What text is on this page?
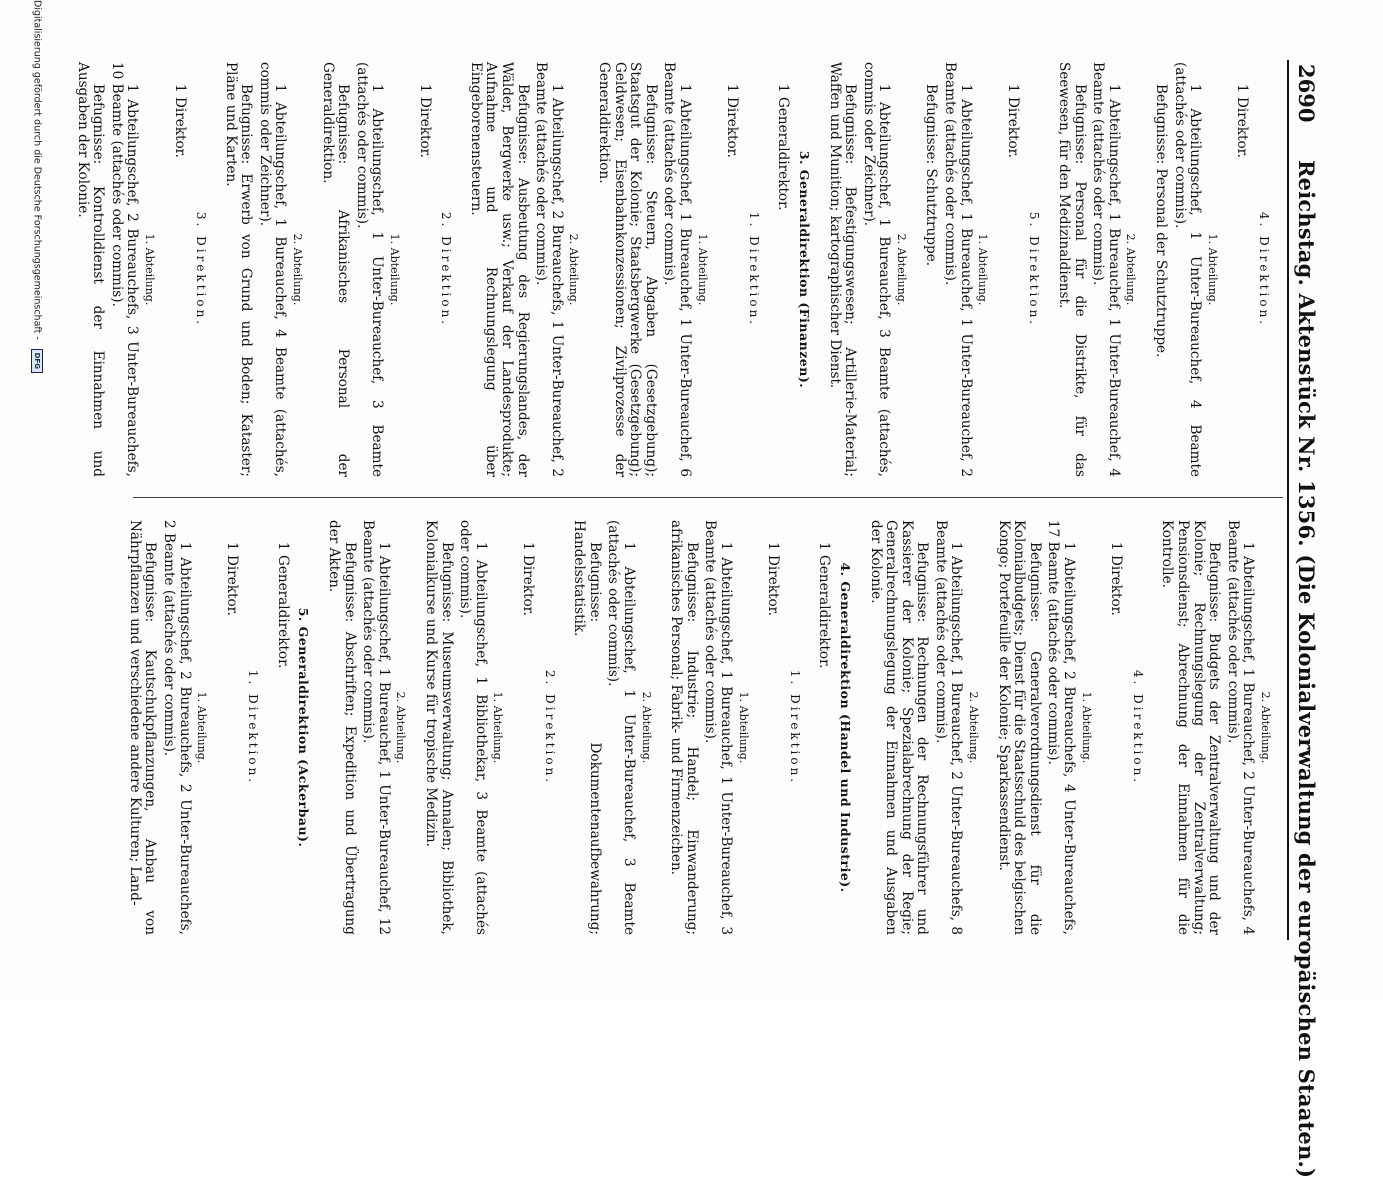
2690
Reichstag. Aktenstück Nr. 1356. (Die Kolonialverwaltung der europäischen Staaten.)
4. Direktion.
1 Direktor.
1. Abteilung.
1 Abteilungschef, 1 Unter-Bureauchef, 4 Beamte (attachés oder commis).
Befugnisse: Personal der Schutztruppe.
2. Abteilung.
1 Abteilungschef, 1 Bureauchef, 1 Unter-Bureauchef, 4 Beamte (attachés oder commis).
Befugnisse: Personal für die Distrikte, für das Seewesen, für den Medizinaldienst.
5. Direktion.
1 Direktor.
1. Abteilung.
1 Abteilungschef, 1 Bureauchef, 1 Unter-Bureauchef, 2 Beamte (attachés oder commis).
Befugnisse: Schutztruppe.
2. Abteilung.
1 Abteilungschef, 1 Bureauchef, 3 Beamte (attachés, commis oder Zeichner).
Befugnisse: Befestigungswesen; Artillerie-Material; Waffen und Munition; kartographischer Dienst.
3. Generaldirektion (Finanzen).
1 Generaldirektor.
1. Direktion.
1 Direktor.
1. Abteilung.
1 Abteilungschef, 1 Bureauchef, 1 Unter-Bureauchef, 6 Beamte (attachés oder commis).
Befugnisse: Steuern, Abgaben (Gesetzgebung); Staatsgut der Kolonie; Staatsbergwerke (Gesetzgebung); Geldwesen; Eisenbahnkonzessionen; Zivilprozesse der Generaldirektion.
2. Abteilung.
1 Abteilungschef, 2 Bureauchefs, 1 Unter-Bureauchef, 2 Beamte (attachés oder commis).
Befugnisse: Ausbeutung des Regierungslandes, der Wälder, Bergwerke usw.; Verkauf der Landesprodukte; Aufnahme und Rechnungslegung über Eingeborenensteuern.
2. Direktion.
1 Direktor.
1. Abteilung.
1 Abteilungschef, 1 Unter-Bureauchef, 3 Beamte (attachés oder commis).
Befugnisse: Afrikanisches Personal der Generaldirektion.
2. Abteilung.
1 Abteilungschef, 1 Bureauchef, 4 Beamte (attachés, commis oder Zeichner).
Befugnisse: Erwerb von Grund und Boden; Kataster; Pläne und Karten.
3. Direktion.
1 Direktor.
1. Abteilung.
1 Abteilungschef, 2 Bureauchefs, 3 Unter-Bureauchefs, 10 Beamte (attachés oder commis).
Befugnisse: Kontrolldienst der Einnahmen und Ausgaben der Kolonie.
2. Abteilung.
1 Abteilungschef, 1 Bureauchef, 2 Unter-Bureauchefs, 4 Beamte (attachés oder commis).
Befugnisse: Budgets der Zentralverwaltung und der Kolonie; Rechnungslegung der Zentralverwaltung; Pensionsdienst; Abrechnung der Einnahmen für die Kontrolle.
4. Direktion.
1 Direktor.
1. Abteilung.
1 Abteilungschef, 2 Bureauchefs, 4 Unter-Bureauchefs, 17 Beamte (attachés oder commis).
Befugnisse: Generalverordnungsdienst für die Kolonialbudgets; Dienst für die Staatsschuld des belgischen Kongo; Portefeuille der Kolonie; Sparkassendienst.
2. Abteilung.
1 Abteilungschef, 1 Bureauchef, 2 Unter-Bureauchefs, 8 Beamte (attachés oder commis).
Befugnisse: Rechnungen der Rechnungsführer und Kassierer der Kolonie; Spezialabrechnung der Regie; Generalrechnungslegung der Einnahmen und Ausgaben der Kolonie.
4. Generaldirektion (Handel und Industrie).
1 Generaldirektor.
1. Direktion.
1 Direktor.
1. Abteilung.
1 Abteilungschef, 1 Bureauchef, 1 Unter-Bureauchef, 3 Beamte (attachés oder commis).
Befugnisse: Industrie; Handel; Einwanderung; afrikanisches Personal; Fabrik- und Firmenzeichen.
2. Abteilung.
1 Abteilungschef, 1 Unter-Bureauchef, 3 Beamte (attachés oder commis).
Befugnisse: Dokumentenaufbewahrung; Handelsstatistik.
2. Direktion.
1 Direktor.
1. Abteilung.
1 Abteilungschef, 1 Bibliothekar, 3 Beamte (attachés oder commis).
Befugnisse: Museumsverwaltung; Annalen; Bibliothek, Kolonialkurse und Kurse für tropische Medizin.
2. Abteilung.
1 Abteilungschef, 1 Bureauchef, 1 Unter-Bureauchef, 12 Beamte (attachés oder commis).
Befugnisse: Abschriften; Expedition und Übertragung der Akten.
5. Generaldirektion (Ackerbau).
1 Generaldirektor.
1. Direktion.
1 Direktor.
1. Abteilung.
1 Abteilungschef, 2 Bureauchefs, 2 Unter-Bureauchefs, 2 Beamte (attachés oder commis).
Befugnisse: Kautschukpflanzungen, Anbau von Nährpflanzen und verschiedene andere Kulturen; Land-
Digitalisierung gefördert durch die Deutsche Forschungsgemeinschaft - DFG
